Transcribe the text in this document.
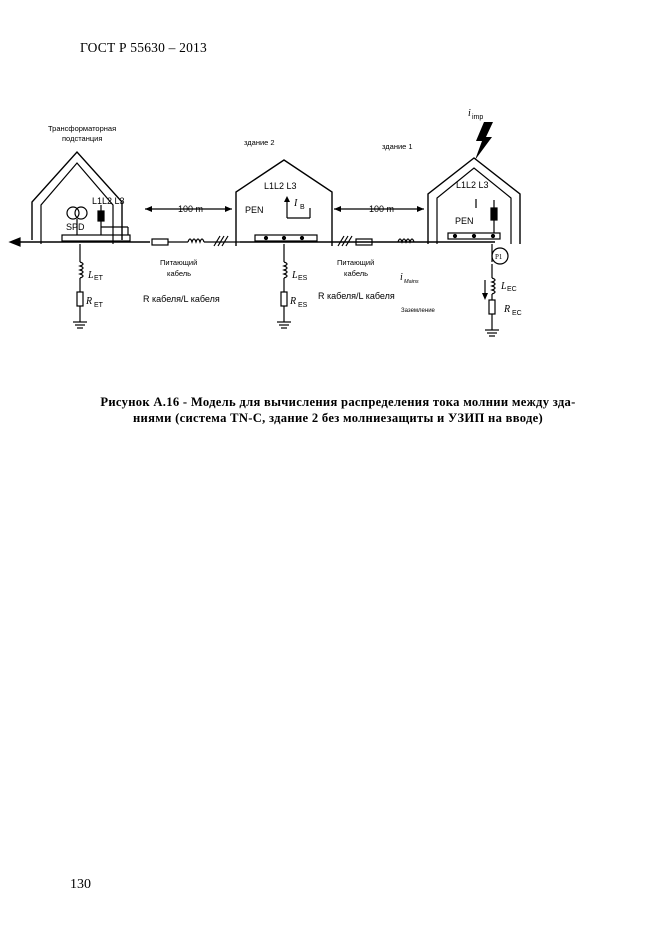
ГОСТ Р 55630 – 2013
Трансформаторная
подстанция	здание 2	здание 1
Питающий
кабель
Питающий
кабель
Заземление
L1L2 L3
SPD
L1L2 L3
PEN
L1L2 L3
PEN
100 m	100 m
R кабеля/L кабеля	R кабеля/L кабеля
I B
i imp
i Mains
L ET
R ET
L ES
R ES
L EC
R EC
P1
Рисунок А.16 - Модель для вычисления распределения тока молнии между зда-
ниями (система TN-C, здание 2 без молниезащиты и УЗИП на вводе)
130
